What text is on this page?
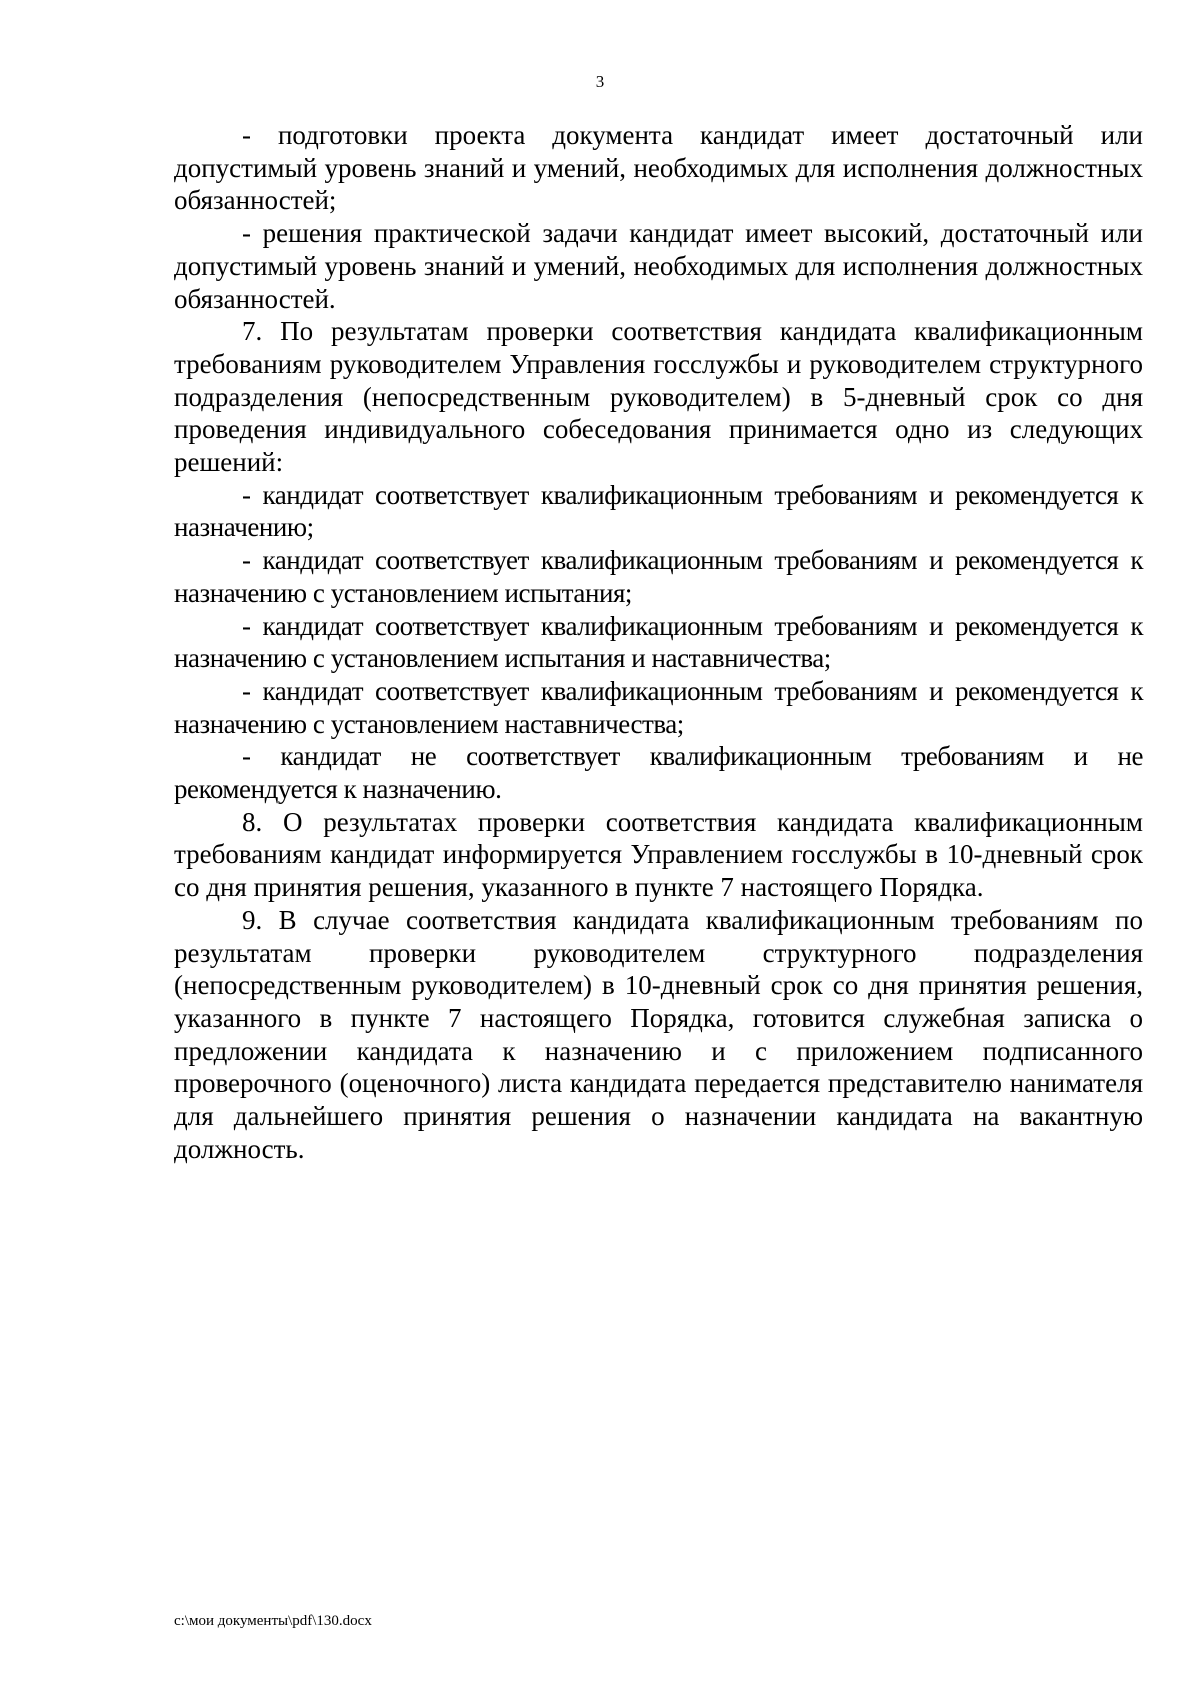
3

- подготовки проекта документа кандидат имеет достаточный или допустимый уровень знаний и умений, необходимых для исполнения должностных обязанностей;

- решения практической задачи кандидат имеет высокий, достаточный или допустимый уровень знаний и умений, необходимых для исполнения должностных обязанностей.

7. По результатам проверки соответствия кандидата квалификационным требованиям руководителем Управления госслужбы и руководителем структурного подразделения (непосредственным руководителем) в 5-дневный срок со дня проведения индивидуального собеседования принимается одно из следующих решений:

- кандидат соответствует квалификационным требованиям и рекомендуется к назначению;

- кандидат соответствует квалификационным требованиям и рекомендуется к назначению с установлением испытания;

- кандидат соответствует квалификационным требованиям и рекомендуется к назначению с установлением испытания и наставничества;

- кандидат соответствует квалификационным требованиям и рекомендуется к назначению с установлением наставничества;

- кандидат не соответствует квалификационным требованиям и не рекомендуется к назначению.

8. О результатах проверки соответствия кандидата квалификационным требованиям кандидат информируется Управлением госслужбы в 10-дневный срок со дня принятия решения, указанного в пункте 7 настоящего Порядка.

9. В случае соответствия кандидата квалификационным требованиям по результатам проверки руководителем структурного подразделения (непосредственным руководителем) в 10-дневный срок со дня принятия решения, указанного в пункте 7 настоящего Порядка, готовится служебная записка о предложении кандидата к назначению и с приложением подписанного проверочного (оценочного) листа кандидата передается представителю нанимателя для дальнейшего принятия решения о назначении кандидата на вакантную должность.

c:\мои документы\pdf\130.docx
